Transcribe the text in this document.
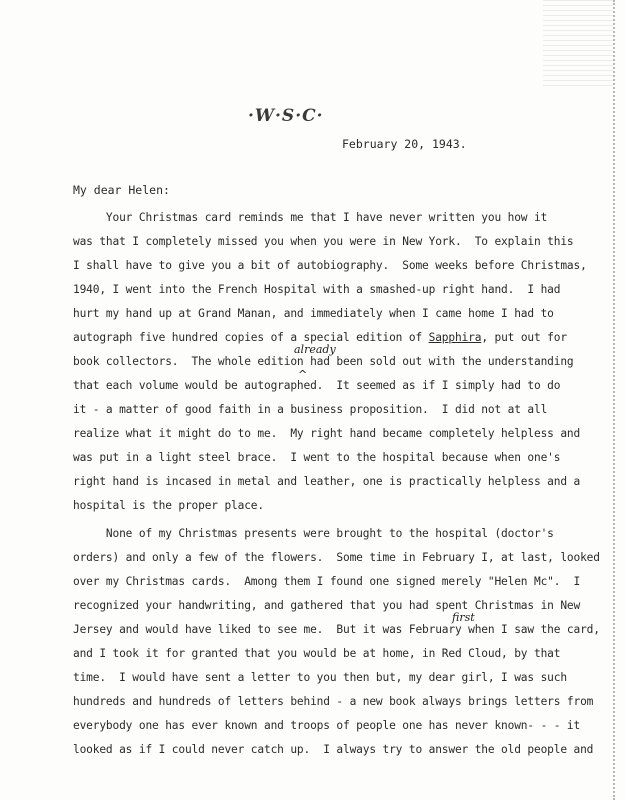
·W·S·C·
February 20, 1943.
My dear Helen:
Your Christmas card reminds me that I have never written you how it
was that I completely missed you when you were in New York.  To explain this
I shall have to give you a bit of autobiography.  Some weeks before Christmas,
1940, I went into the French Hospital with a smashed-up right hand.  I had
hurt my hand up at Grand Manan, and immediately when I came home I had to
autograph five hundred copies of a special edition of Sapphira, put out for
already
^
book collectors.  The whole edition had been sold out with the understanding
that each volume would be autographed.  It seemed as if I simply had to do
it - a matter of good faith in a business proposition.  I did not at all
realize what it might do to me.  My right hand became completely helpless and
was put in a light steel brace.  I went to the hospital because when one's
right hand is incased in metal and leather, one is practically helpless and a
hospital is the proper place.
None of my Christmas presents were brought to the hospital (doctor's
orders) and only a few of the flowers.  Some time in February I, at last, looked
over my Christmas cards.  Among them I found one signed merely "Helen Mc".  I
recognized your handwriting, and gathered that you had spent Christmas in New
first
Jersey and would have liked to see me.  But it was February when I saw the card,
and I took it for granted that you would be at home, in Red Cloud, by that
time.  I would have sent a letter to you then but, my dear girl, I was such
hundreds and hundreds of letters behind - a new book always brings letters from
everybody one has ever known and troops of people one has never known- - - it
looked as if I could never catch up.  I always try to answer the old people and
